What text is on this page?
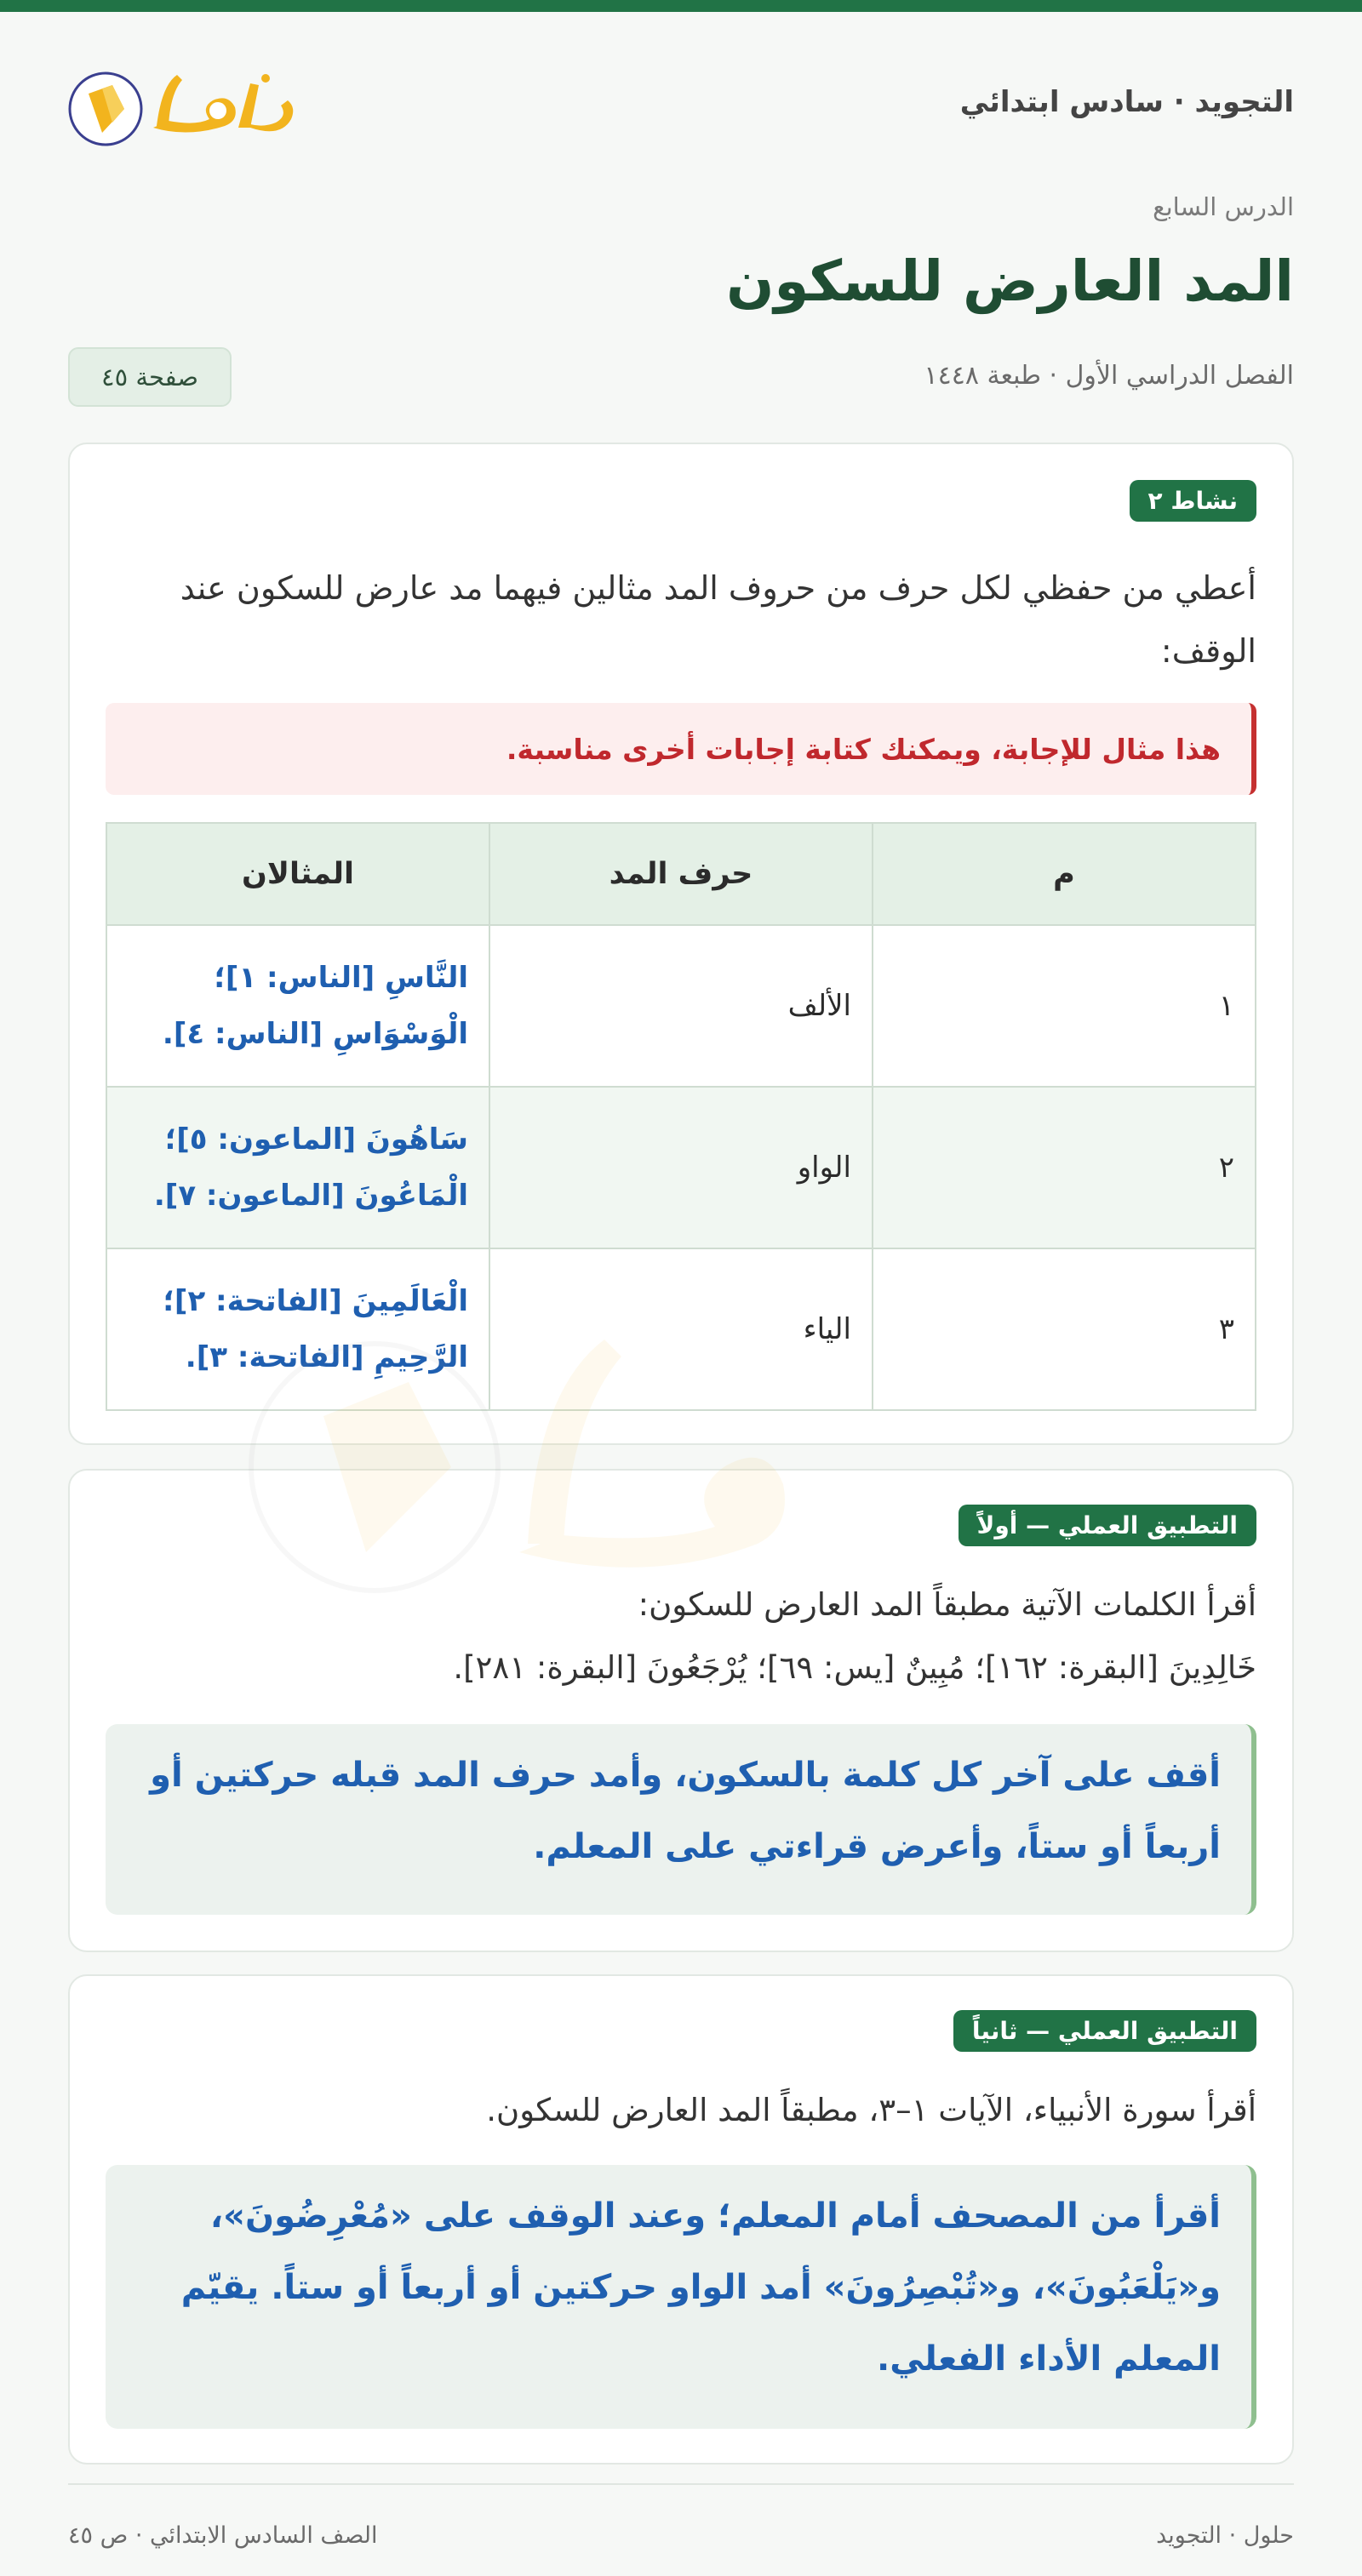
التجويد · سادس ابتدائي
الدرس السابع
المد العارض للسكون
الفصل الدراسي الأول · طبعة ١٤٤٨
صفحة ٤٥
نشاط ٢

أعطي من حفظي لكل حرف من حروف المد مثالين فيهما مد عارض للسكون عند الوقف:

هذا مثال للإجابة، ويمكنك كتابة إجابات أخرى مناسبة.
م	حرف المد	المثالان
١	الألف	النَّاسِ [الناس: ١]؛ الْوَسْوَاسِ [الناس: ٤].
٢	الواو	سَاهُونَ [الماعون: ٥]؛ الْمَاعُونَ [الماعون: ٧].
٣	الياء	الْعَالَمِينَ [الفاتحة: ٢]؛ الرَّحِيمِ [الفاتحة: ٣].
التطبيق العملي — أولاً

أقرأ الكلمات الآتية مطبقاً المد العارض للسكون:

خَالِدِينَ [البقرة: ١٦٢]؛ مُبِينٌ [يس: ٦٩]؛ يُرْجَعُونَ [البقرة: ٢٨١].

أقف على آخر كل كلمة بالسكون، وأمد حرف المد قبله حركتين أو أربعاً أو ستاً، وأعرض قراءتي على المعلم.
التطبيق العملي — ثانياً

أقرأ سورة الأنبياء، الآيات ١–٣، مطبقاً المد العارض للسكون.

أقرأ من المصحف أمام المعلم؛ وعند الوقف على «مُعْرِضُونَ»، و«يَلْعَبُونَ»، و«تُبْصِرُونَ» أمد الواو حركتين أو أربعاً أو ستاً. يقيّم المعلم الأداء الفعلي.
حلول · التجويد
الصف السادس الابتدائي · ص ٤٥
